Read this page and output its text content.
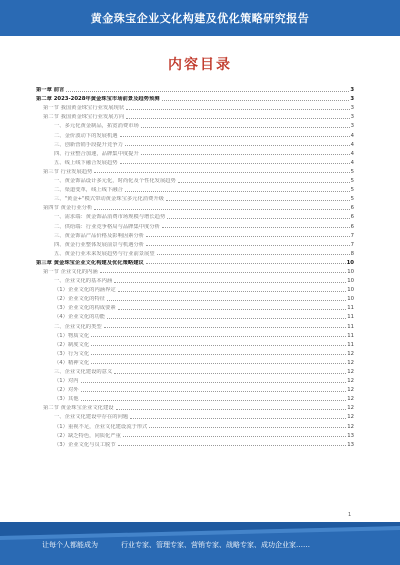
黄金珠宝企业文化构建及优化策略研究报告
内容目录
第一章 前言	3
第二章 2023-2028年黄金珠宝市场前景及趋势预测	3
第一节 我国黄金珠宝行业发展现状	3
第二节 我国黄金珠宝行业发展方向	3
一、多元化黄金制品，拓宽消费市场	3
二、金价波动下的发展机遇	4
三、创新营销手段提升竞争力	4
四、行业整合加速，品牌集中度提升	4
五、线上线下融合发展趋势	4
第三节 行业发展趋势	5
一、黄金饰品设计多元化，时尚化及个性化发展趋势	5
二、渠道变革，线上线下融合	5
三、"黄金+"模式带动黄金珠宝多元化消费升级	5
第四节 黄金行业分析	6
一、需求端：黄金饰品消费市场规模与增长趋势	6
二、供给端：行业竞争格局与品牌集中度分析	6
三、黄金饰品产品价格及影响因素分析	7
四、黄金行业整体发展前景与机遇分析	7
五、黄金行业未来发展趋势与行业前景展望	8
第三章 黄金珠宝企业文化构建及优化策略建议	10
第一节 企业文化的内涵	10
一、企业文化的基本内涵	10
（1）企业文化的内涵界定	10
（2）企业文化的特征	10
（3）企业文化的构成要素	11
（4）企业文化的功能	11
二、企业文化的类型	11
（1）物质文化	11
（2）制度文化	11
（3）行为文化	12
（4）精神文化	12
三、企业文化建设的意义	12
（1）对内	12
（2）对外	12
（3）其他	12
第二节 黄金珠宝企业文化建设	12
一、企业文化建设中存在的问题	12
（1）重视不足，企业文化建设流于形式	12
（2）缺乏特色，同质化严重	13
（3）企业文化与员工脱节	13
1
让每个人都能成为	行业专家、管理专家、营销专家、战略专家、成功企业家……
